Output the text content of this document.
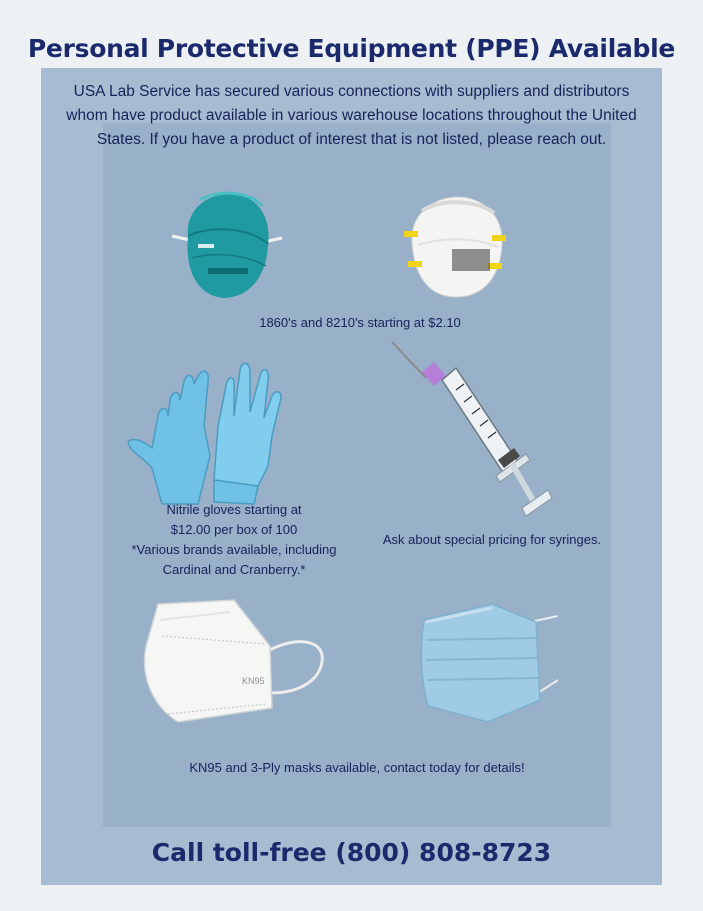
Personal Protective Equipment (PPE) Available

USA Lab Service has secured various connections with suppliers and distributors whom have product available in various warehouse locations throughout the United States. If you have a product of interest that is not listed, please reach out.

1860's and 8210's starting at $2.10

Nitrile gloves starting at
$12.00 per box of 100
*Various brands available, including
Cardinal and Cranberry.*

Ask about special pricing for syringes.

KN95

KN95 and 3-Ply masks available, contact today for details!

Call toll-free (800) 808-8723
